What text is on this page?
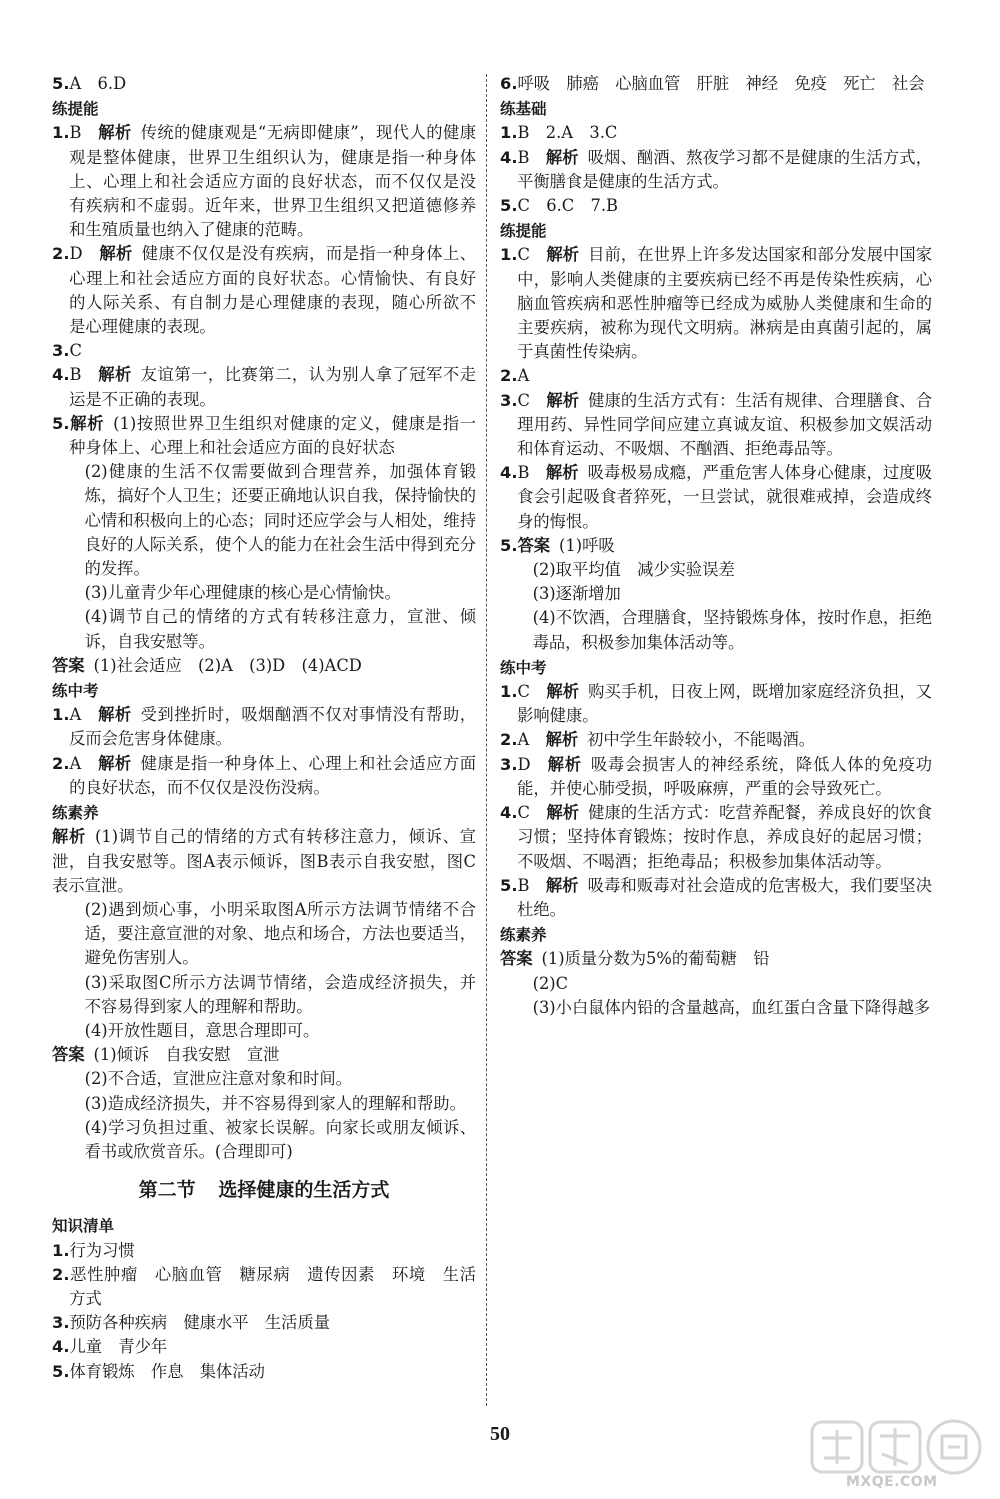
5.A　6.D

练提能

1.B  解析 传统的健康观是“无病即健康”，现代人的健康观是整体健康，世界卫生组织认为，健康是指一种身体上、心理上和社会适应方面的良好状态，而不仅仅是没有疾病和不虚弱。近年来，世界卫生组织又把道德修养和生殖质量也纳入了健康的范畴。

2.D  解析 健康不仅仅是没有疾病，而是指一种身体上、心理上和社会适应方面的良好状态。心情愉快、有良好的人际关系、有自制力是心理健康的表现，随心所欲不是心理健康的表现。

3.C

4.B  解析 友谊第一，比赛第二，认为别人拿了冠军不走运是不正确的表现。

5.解析 (1)按照世界卫生组织对健康的定义，健康是指一种身体上、心理上和社会适应方面的良好状态

(2)健康的生活不仅需要做到合理营养，加强体育锻炼，搞好个人卫生；还要正确地认识自我，保持愉快的心情和积极向上的心态；同时还应学会与人相处，维持良好的人际关系，使个人的能力在社会生活中得到充分的发挥。

(3)儿童青少年心理健康的核心是心情愉快。

(4)调节自己的情绪的方式有转移注意力，宣泄、倾诉，自我安慰等。

答案 (1)社会适应　(2)A　(3)D　(4)ACD

练中考

1.A  解析 受到挫折时，吸烟酗酒不仅对事情没有帮助，反而会危害身体健康。

2.A  解析 健康是指一种身体上、心理上和社会适应方面的良好状态，而不仅仅是没伤没病。

练素养

解析 (1)调节自己的情绪的方式有转移注意力，倾诉、宣泄，自我安慰等。图A表示倾诉，图B表示自我安慰，图C表示宣泄。

(2)遇到烦心事，小明采取图A所示方法调节情绪不合适，要注意宣泄的对象、地点和场合，方法也要适当，避免伤害别人。

(3)采取图C所示方法调节情绪，会造成经济损失，并不容易得到家人的理解和帮助。

(4)开放性题目，意思合理即可。

答案 (1)倾诉　自我安慰　宣泄

(2)不合适，宣泄应注意对象和时间。

(3)造成经济损失，并不容易得到家人的理解和帮助。

(4)学习负担过重、被家长误解。向家长或朋友倾诉、看书或欣赏音乐。(合理即可)

第二节 选择健康的生活方式

知识清单

1.行为习惯

2.恶性肿瘤　心脑血管　糖尿病　遗传因素　环境　生活方式

3.预防各种疾病　健康水平　生活质量

4.儿童　青少年

5.体育锻炼　作息　集体活动

6.呼吸　肺癌　心脑血管　肝脏　神经　免疫　死亡　社会

练基础

1.B　2.A　3.C

4.B  解析 吸烟、酗酒、熬夜学习都不是健康的生活方式，平衡膳食是健康的生活方式。

5.C　6.C　7.B

练提能

1.C  解析 目前，在世界上许多发达国家和部分发展中国家中，影响人类健康的主要疾病已经不再是传染性疾病，心脑血管疾病和恶性肿瘤等已经成为威胁人类健康和生命的主要疾病，被称为现代文明病。淋病是由真菌引起的，属于真菌性传染病。

2.A

3.C  解析 健康的生活方式有：生活有规律、合理膳食、合理用药、异性同学间应建立真诚友谊、积极参加文娱活动和体育运动、不吸烟、不酗酒、拒绝毒品等。

4.B  解析 吸毒极易成瘾，严重危害人体身心健康，过度吸食会引起吸食者猝死，一旦尝试，就很难戒掉，会造成终身的悔恨。

5.答案 (1)呼吸

(2)取平均值　减少实验误差

(3)逐渐增加

(4)不饮酒，合理膳食，坚持锻炼身体，按时作息，拒绝毒品，积极参加集体活动等。

练中考

1.C  解析 购买手机，日夜上网，既增加家庭经济负担，又影响健康。

2.A  解析 初中学生年龄较小，不能喝酒。

3.D  解析 吸毒会损害人的神经系统，降低人体的免疫功能，并使心肺受损，呼吸麻痹，严重的会导致死亡。

4.C  解析 健康的生活方式：吃营养配餐，养成良好的饮食习惯；坚持体育锻炼；按时作息，养成良好的起居习惯；不吸烟、不喝酒；拒绝毒品；积极参加集体活动等。

5.B  解析 吸毒和贩毒对社会造成的危害极大，我们要坚决杜绝。

练素养

答案 (1)质量分数为5%的葡萄糖　铅

(2)C

(3)小白鼠体内铅的含量越高，血红蛋白含量下降得越多

50
MXQE.COM
